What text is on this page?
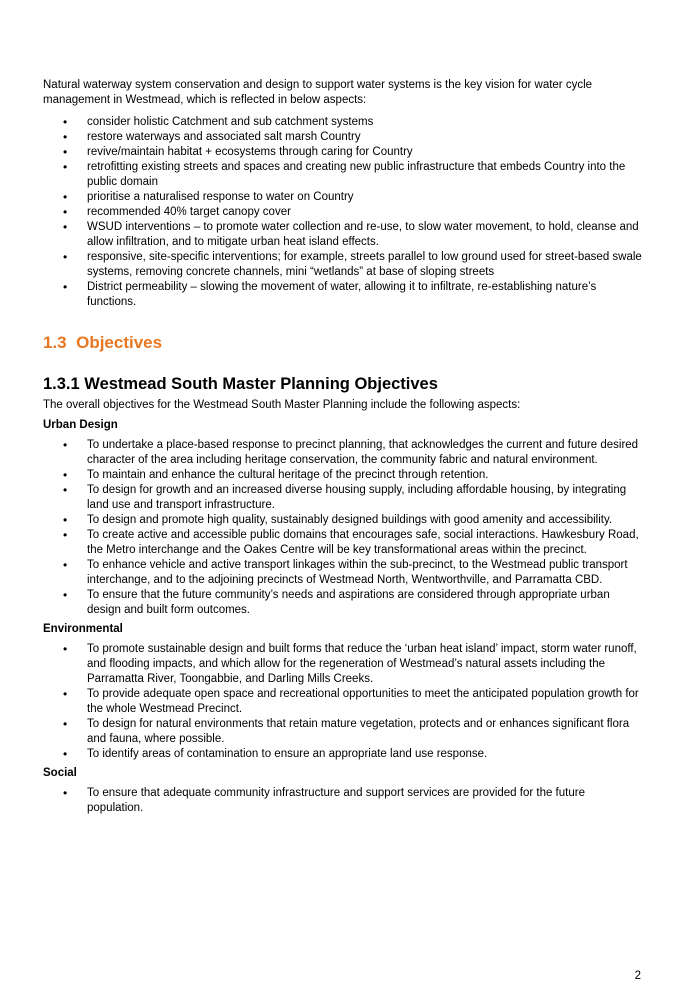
Natural waterway system conservation and design to support water systems is the key vision for water cycle management in Westmead, which is reflected in below aspects:

• consider holistic Catchment and sub catchment systems
• restore waterways and associated salt marsh Country
• revive/maintain habitat + ecosystems through caring for Country
• retrofitting existing streets and spaces and creating new public infrastructure that embeds Country into the public domain
• prioritise a naturalised response to water on Country
• recommended 40% target canopy cover
• WSUD interventions – to promote water collection and re-use, to slow water movement, to hold, cleanse and allow infiltration, and to mitigate urban heat island effects.
• responsive, site-specific interventions; for example, streets parallel to low ground used for street-based swale systems, removing concrete channels, mini “wetlands” at base of sloping streets
• District permeability – slowing the movement of water, allowing it to infiltrate, re-establishing nature’s functions.
1.3 Objectives
1.3.1 Westmead South Master Planning Objectives

The overall objectives for the Westmead South Master Planning include the following aspects:

Urban Design

• To undertake a place-based response to precinct planning, that acknowledges the current and future desired character of the area including heritage conservation, the community fabric and natural environment.
• To maintain and enhance the cultural heritage of the precinct through retention.
• To design for growth and an increased diverse housing supply, including affordable housing, by integrating land use and transport infrastructure.
• To design and promote high quality, sustainably designed buildings with good amenity and accessibility.
• To create active and accessible public domains that encourages safe, social interactions. Hawkesbury Road, the Metro interchange and the Oakes Centre will be key transformational areas within the precinct.
• To enhance vehicle and active transport linkages within the sub-precinct, to the Westmead public transport interchange, and to the adjoining precincts of Westmead North, Wentworthville, and Parramatta CBD.
• To ensure that the future community’s needs and aspirations are considered through appropriate urban design and built form outcomes.

Environmental

• To promote sustainable design and built forms that reduce the ‘urban heat island’ impact, storm water runoff, and flooding impacts, and which allow for the regeneration of Westmead’s natural assets including the Parramatta River, Toongabbie, and Darling Mills Creeks.
• To provide adequate open space and recreational opportunities to meet the anticipated population growth for the whole Westmead Precinct.
• To design for natural environments that retain mature vegetation, protects and or enhances significant flora and fauna, where possible.
• To identify areas of contamination to ensure an appropriate land use response.

Social

• To ensure that adequate community infrastructure and support services are provided for the future population.
2
